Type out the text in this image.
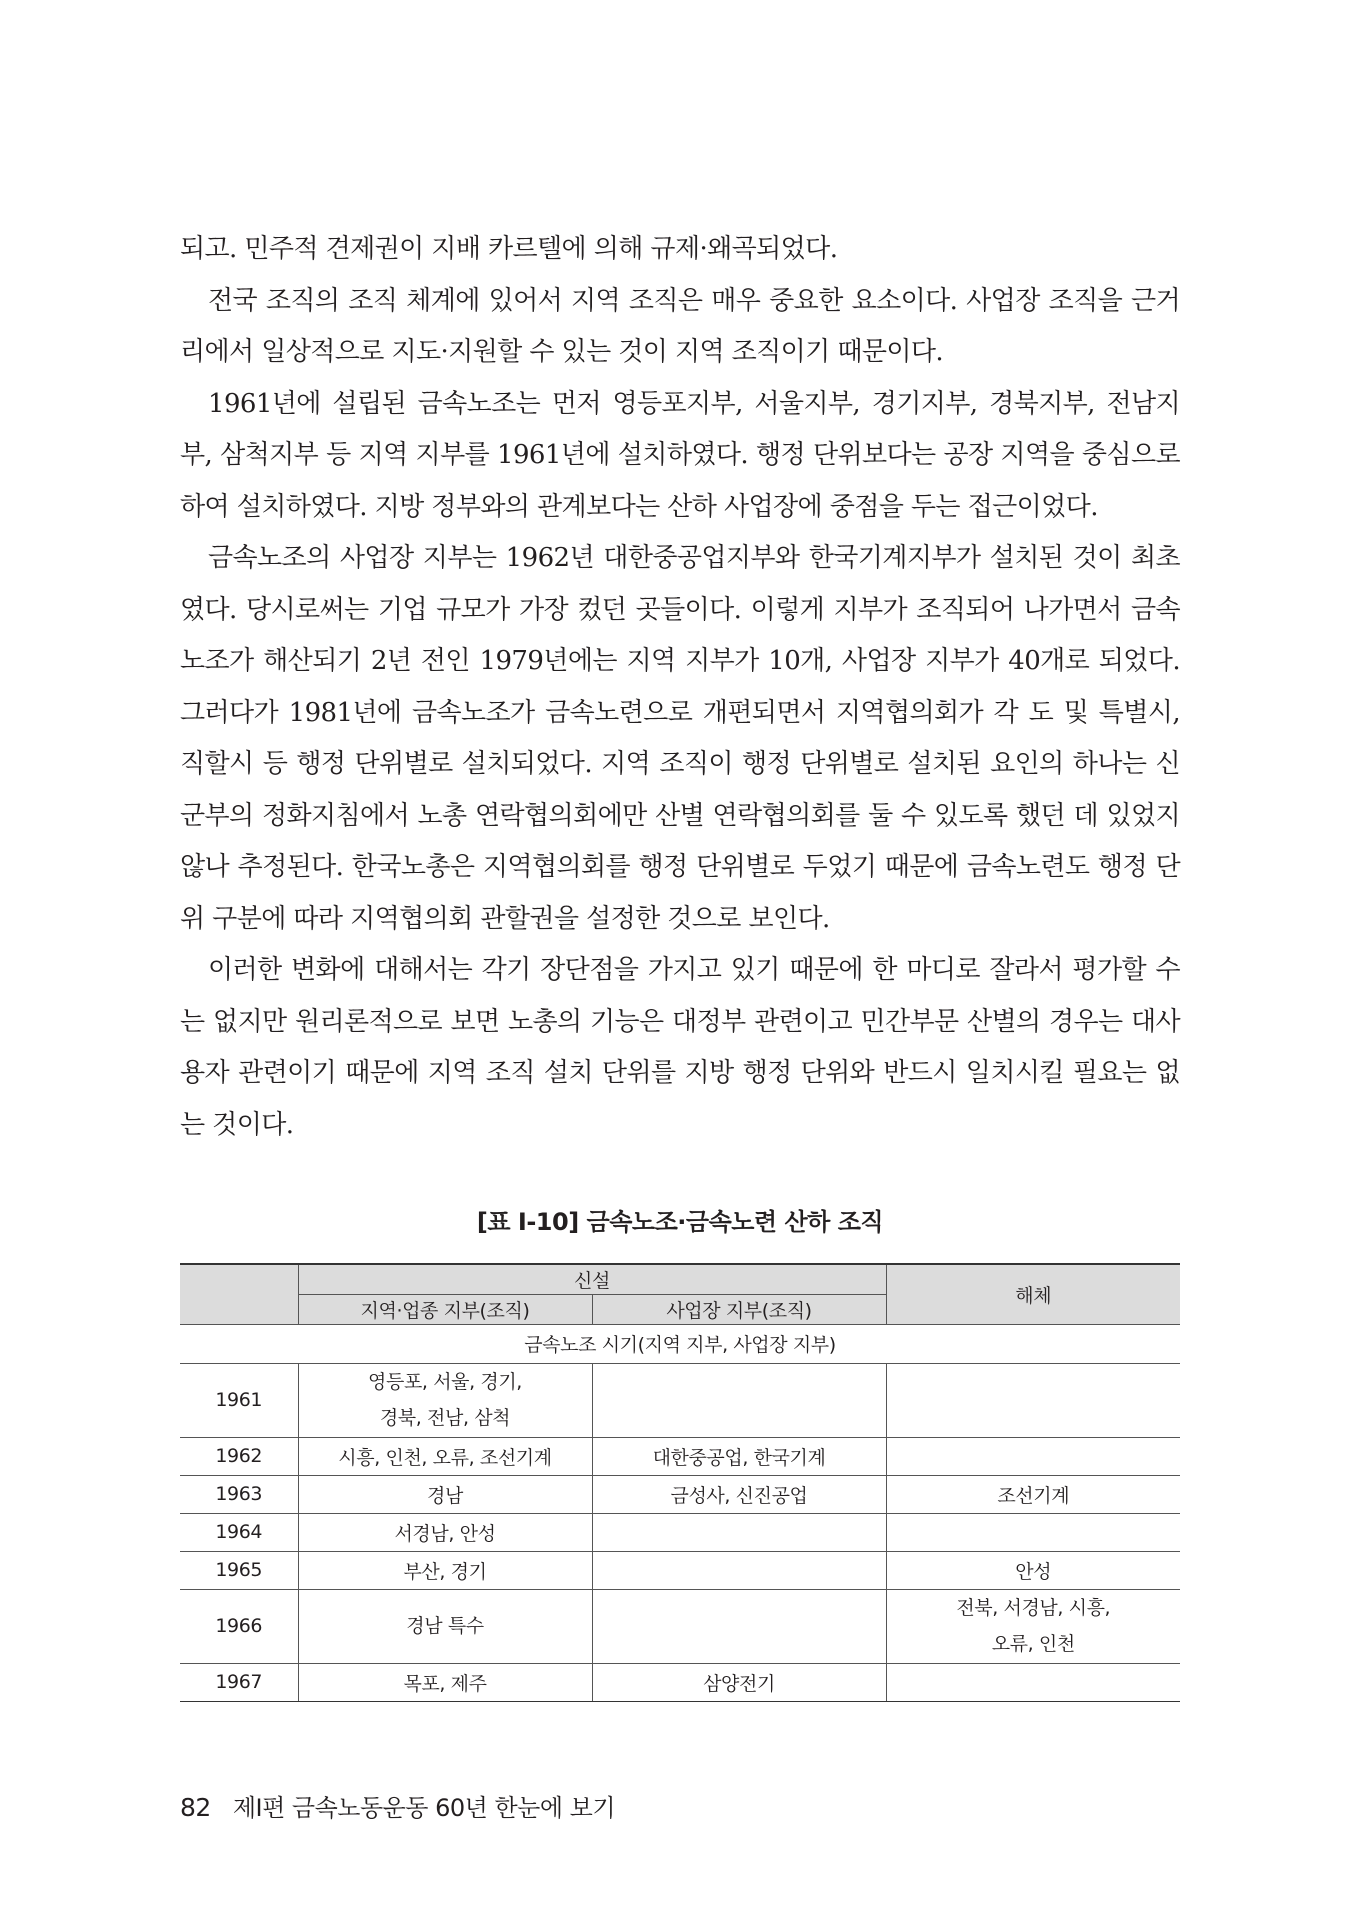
되고. 민주적 견제권이 지배 카르텔에 의해 규제·왜곡되었다.

전국 조직의 조직 체계에 있어서 지역 조직은 매우 중요한 요소이다. 사업장 조직을 근거리에서 일상적으로 지도·지원할 수 있는 것이 지역 조직이기 때문이다.

1961년에 설립된 금속노조는 먼저 영등포지부, 서울지부, 경기지부, 경북지부, 전남지부, 삼척지부 등 지역 지부를 1961년에 설치하였다. 행정 단위보다는 공장 지역을 중심으로 하여 설치하였다. 지방 정부와의 관계보다는 산하 사업장에 중점을 두는 접근이었다.

금속노조의 사업장 지부는 1962년 대한중공업지부와 한국기계지부가 설치된 것이 최초였다. 당시로써는 기업 규모가 가장 컸던 곳들이다. 이렇게 지부가 조직되어 나가면서 금속노조가 해산되기 2년 전인 1979년에는 지역 지부가 10개, 사업장 지부가 40개로 되었다. 그러다가 1981년에 금속노조가 금속노련으로 개편되면서 지역협의회가 각 도 및 특별시, 직할시 등 행정 단위별로 설치되었다. 지역 조직이 행정 단위별로 설치된 요인의 하나는 신군부의 정화지침에서 노총 연락협의회에만 산별 연락협의회를 둘 수 있도록 했던 데 있었지 않나 추정된다. 한국노총은 지역협의회를 행정 단위별로 두었기 때문에 금속노련도 행정 단위 구분에 따라 지역협의회 관할권을 설정한 것으로 보인다.

이러한 변화에 대해서는 각기 장단점을 가지고 있기 때문에 한 마디로 잘라서 평가할 수는 없지만 원리론적으로 보면 노총의 기능은 대정부 관련이고 민간부문 산별의 경우는 대사용자 관련이기 때문에 지역 조직 설치 단위를 지방 행정 단위와 반드시 일치시킬 필요는 없는 것이다.

[표 Ⅰ-10] 금속노조·금속노련 산하 조직
	신설		해체
	지역·업종 지부(조직)	사업장 지부(조직)	
금속노조 시기(지역 지부, 사업장 지부)			
1961	영등포, 서울, 경기,
경북, 전남, 삼척		
1962	시흥, 인천, 오류, 조선기계	대한중공업, 한국기계	
1963	경남	금성사, 신진공업	조선기계
1964	서경남, 안성		
1965	부산, 경기		안성
1966	경남 특수		전북, 서경남, 시흥,
오류, 인천
1967	목포, 제주	삼양전기	
82 제Ⅰ편 금속노동운동 60년 한눈에 보기
